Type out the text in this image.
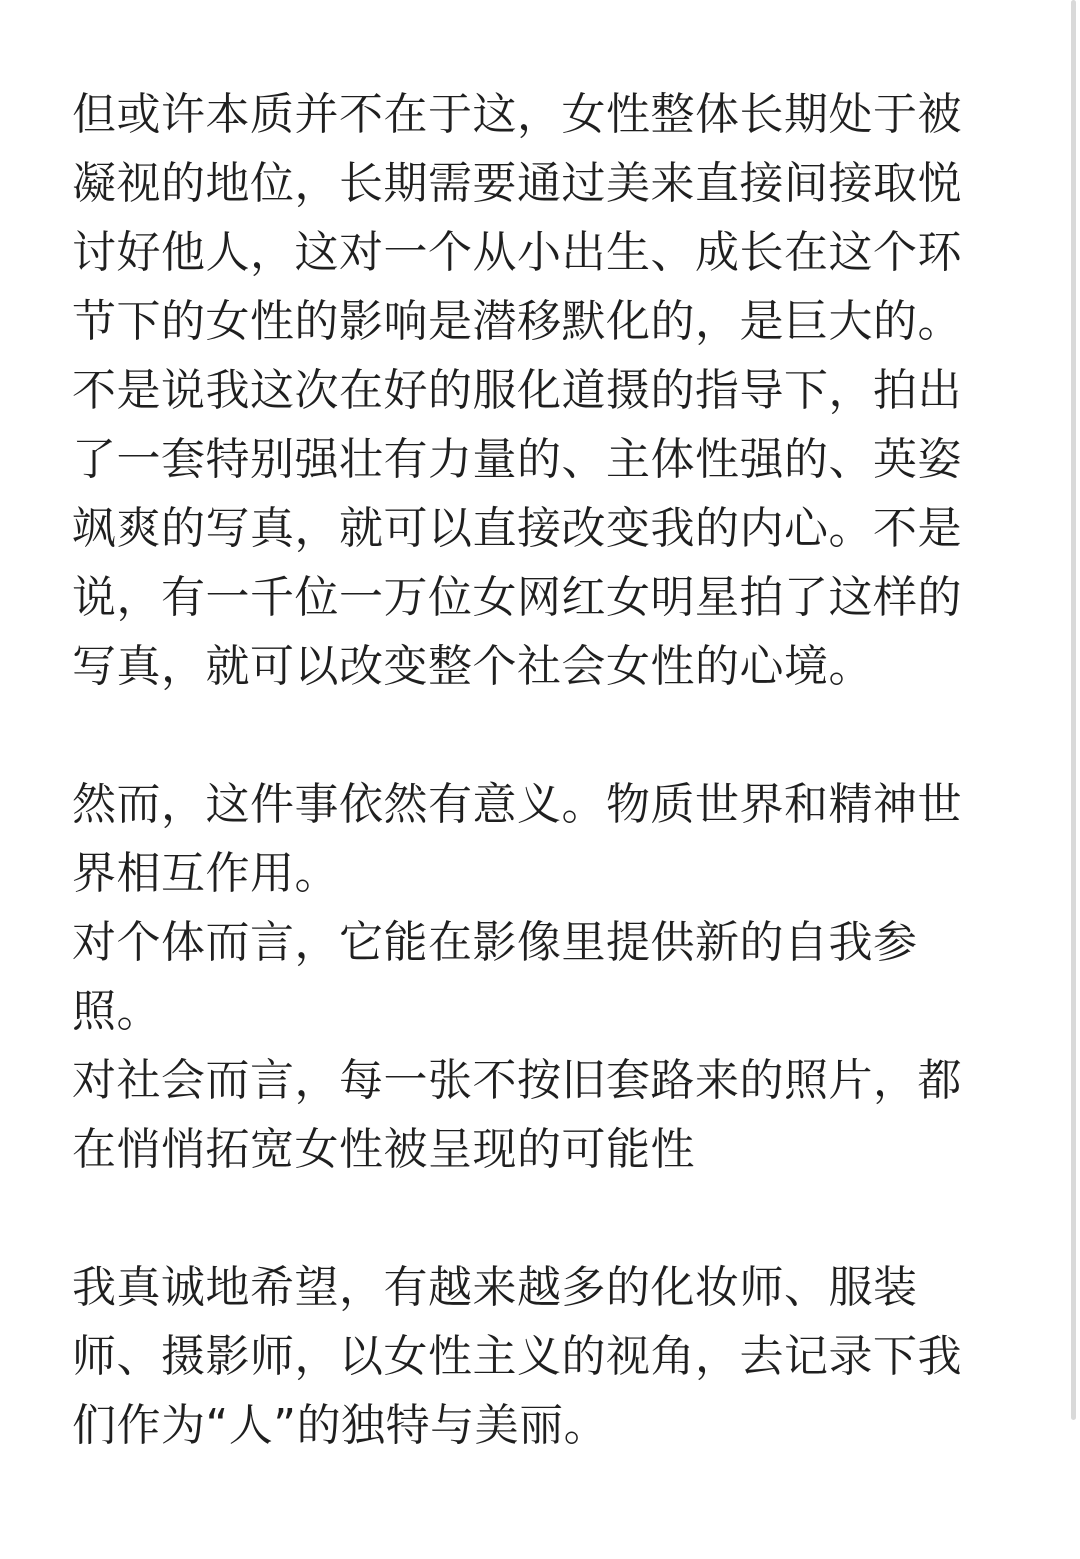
但或许本质并不在于这，女性整体长期处于被
凝视的地位，长期需要通过美来直接间接取悦
讨好他人，这对一个从小出生、成长在这个环
节下的女性的影响是潜移默化的，是巨大的。
不是说我这次在好的服化道摄的指导下，拍出
了一套特别强壮有力量的、主体性强的、英姿
飒爽的写真，就可以直接改变我的内心。不是
说，有一千位一万位女网红女明星拍了这样的
写真，就可以改变整个社会女性的心境。
然而，这件事依然有意义。物质世界和精神世
界相互作用。
对个体而言，它能在影像里提供新的自我参
照。
对社会而言，每一张不按旧套路来的照片，都
在悄悄拓宽女性被呈现的可能性
我真诚地希望，有越来越多的化妆师、服装
师、摄影师，以女性主义的视角，去记录下我
们作为“人”的独特与美丽。
